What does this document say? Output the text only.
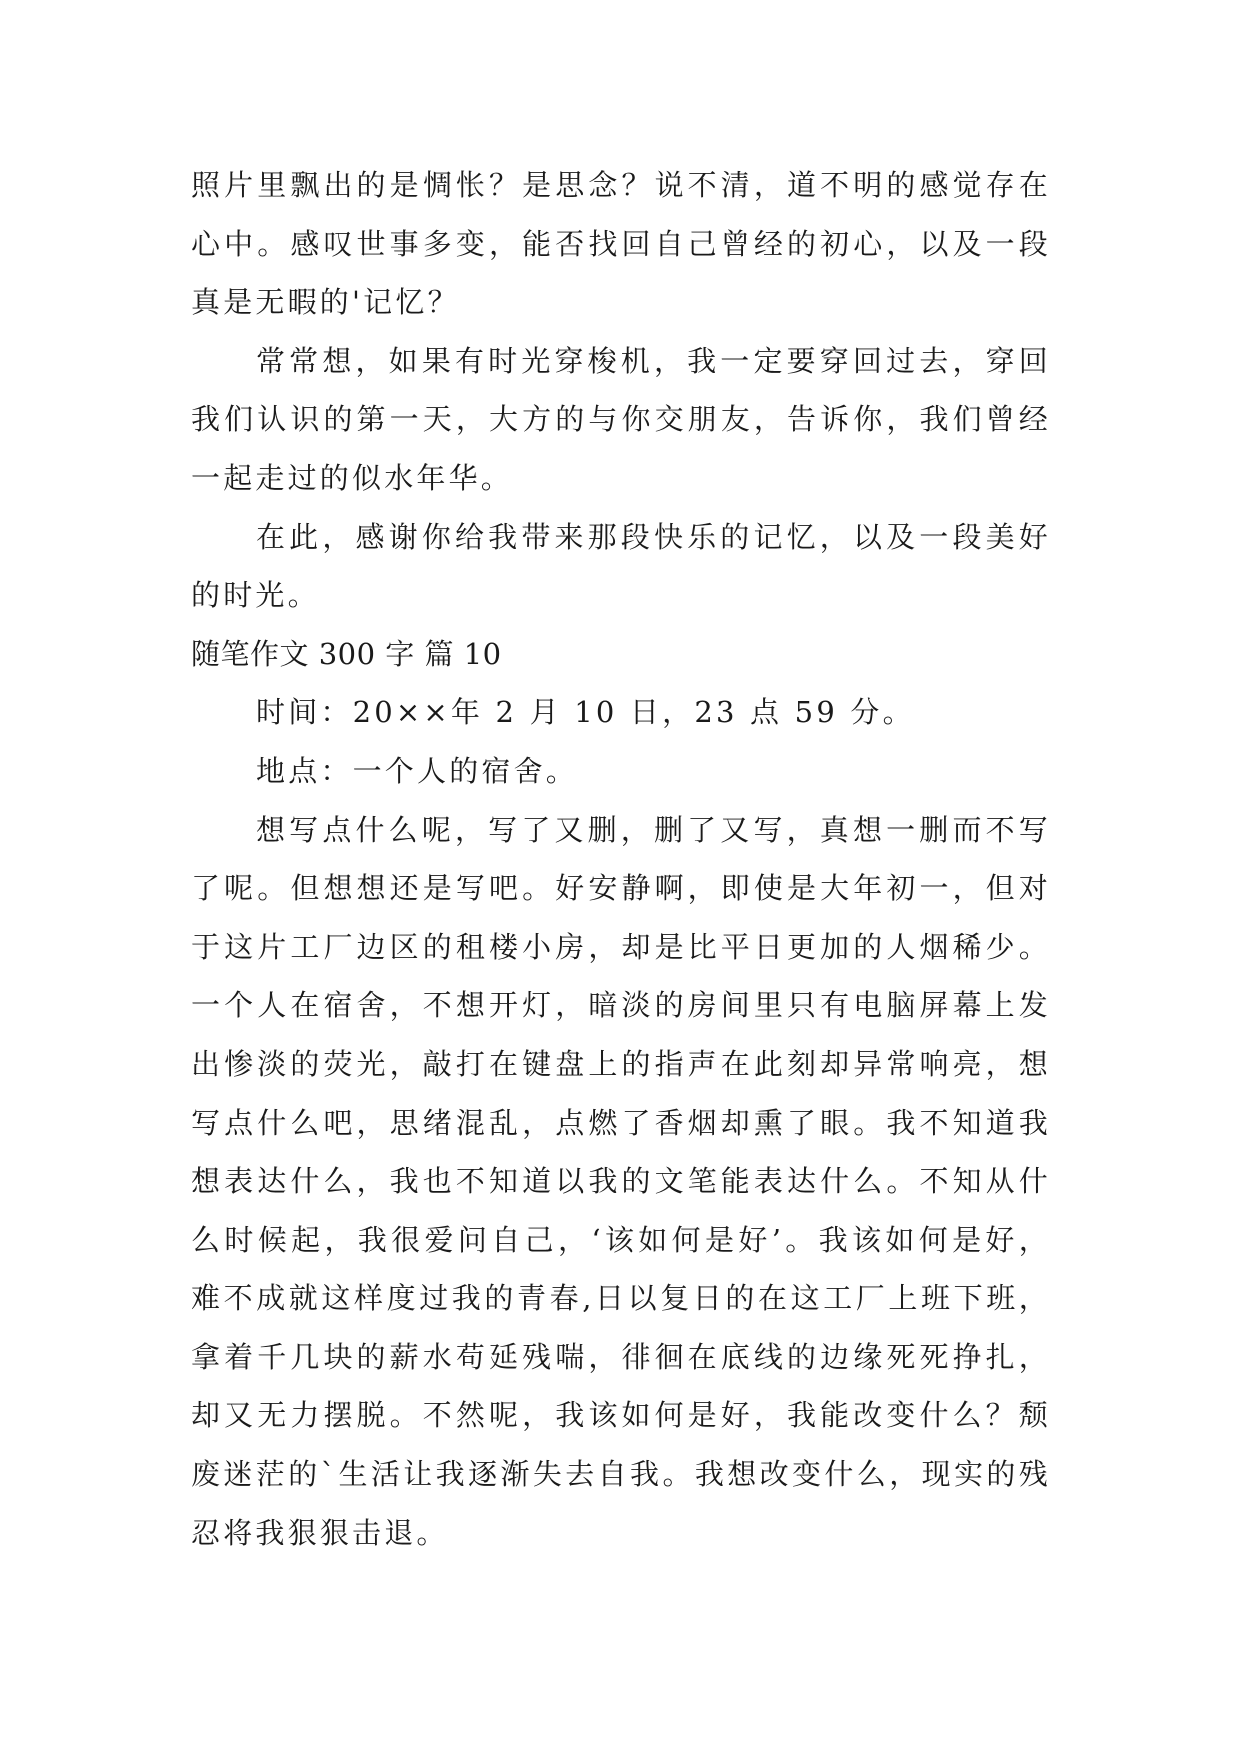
照片里飘出的是惆怅？是思念？说不清，道不明的感觉存在心中。感叹世事多变，能否找回自己曾经的初心，以及一段真是无暇的'记忆？

常常想，如果有时光穿梭机，我一定要穿回过去，穿回我们认识的第一天，大方的与你交朋友，告诉你，我们曾经一起走过的似水年华。

在此，感谢你给我带来那段快乐的记忆，以及一段美好的时光。

随笔作文 300 字 篇 10

时间：20××年 2 月 10 日，23 点 59 分。

地点：一个人的宿舍。

想写点什么呢，写了又删，删了又写，真想一删而不写了呢。但想想还是写吧。好安静啊，即使是大年初一，但对于这片工厂边区的租楼小房，却是比平日更加的人烟稀少。一个人在宿舍，不想开灯，暗淡的房间里只有电脑屏幕上发出惨淡的荧光，敲打在键盘上的指声在此刻却异常响亮，想写点什么吧，思绪混乱，点燃了香烟却熏了眼。我不知道我想表达什么，我也不知道以我的文笔能表达什么。不知从什么时候起，我很爱问自己，‘该如何是好’。我该如何是好，难不成就这样度过我的青春,日以复日的在这工厂上班下班，拿着千几块的薪水苟延残喘，徘徊在底线的边缘死死挣扎，却又无力摆脱。不然呢，我该如何是好，我能改变什么？颓废迷茫的`生活让我逐渐失去自我。我想改变什么，现实的残忍将我狠狠击退。
